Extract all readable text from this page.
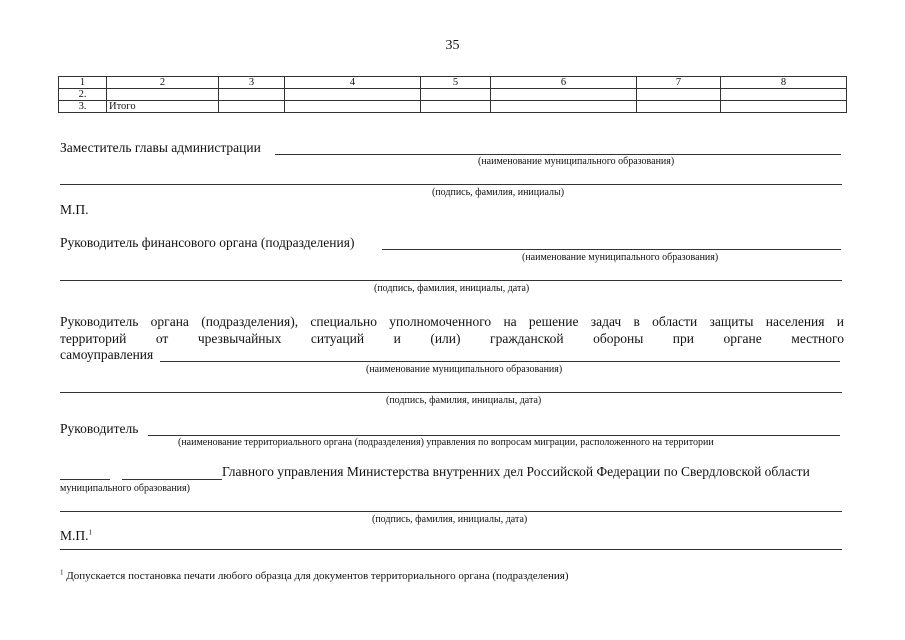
35
1	2	3	4	5	6	7	8
2.							
3.	Итого						
Заместитель главы администрации
(наименование муниципального образования)
(подпись, фамилия, инициалы)
М.П.
Руководитель финансового органа (подразделения)
(наименование муниципального образования)
(подпись, фамилия, инициалы, дата)
Руководитель органа (подразделения), специально уполномоченного на решение задач в области защиты населения и
территорий от чрезвычайных ситуаций и (или) гражданской обороны при органе местного
самоуправления
(наименование муниципального образования)
(подпись, фамилия, инициалы, дата)
Руководитель
(наименование территориального органа (подразделения) управления по вопросам миграции, расположенного на территории
Главного управления Министерства внутренних дел Российской Федерации по Свердловской области
муниципального образования)
(подпись, фамилия, инициалы, дата)
М.П.$^1$
$^1$ Допускается постановка печати любого образца для документов территориального органа (подразделения)
